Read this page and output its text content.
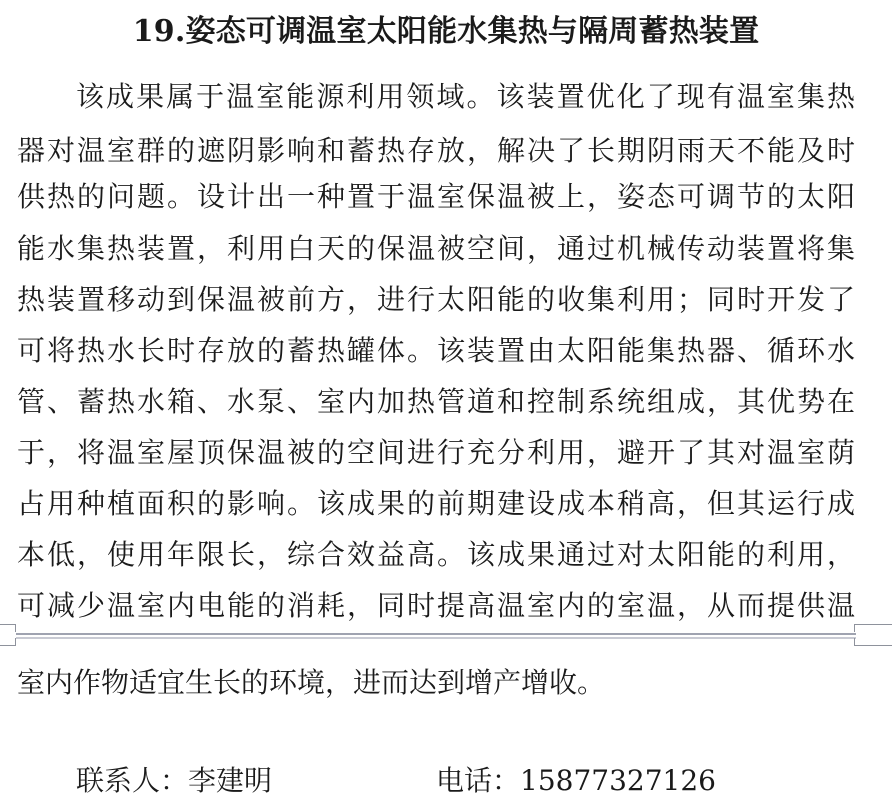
19.姿态可调温室太阳能水集热与隔周蓄热装置
该成果属于温室能源利用领域。该装置优化了现有温室集热
器对温室群的遮阴影响和蓄热存放，解决了长期阴雨天不能及时
供热的问题。设计出一种置于温室保温被上，姿态可调节的太阳
能水集热装置，利用白天的保温被空间，通过机械传动装置将集
热装置移动到保温被前方，进行太阳能的收集利用；同时开发了
可将热水长时存放的蓄热罐体。该装置由太阳能集热器、循环水
管、蓄热水箱、水泵、室内加热管道和控制系统组成，其优势在
于，将温室屋顶保温被的空间进行充分利用，避开了其对温室荫
占用种植面积的影响。该成果的前期建设成本稍高，但其运行成
本低，使用年限长，综合效益高。该成果通过对太阳能的利用，
可减少温室内电能的消耗，同时提高温室内的室温，从而提供温
室内作物适宜生长的环境，进而达到增产增收。
联系人：李建明	电话：15877327126
